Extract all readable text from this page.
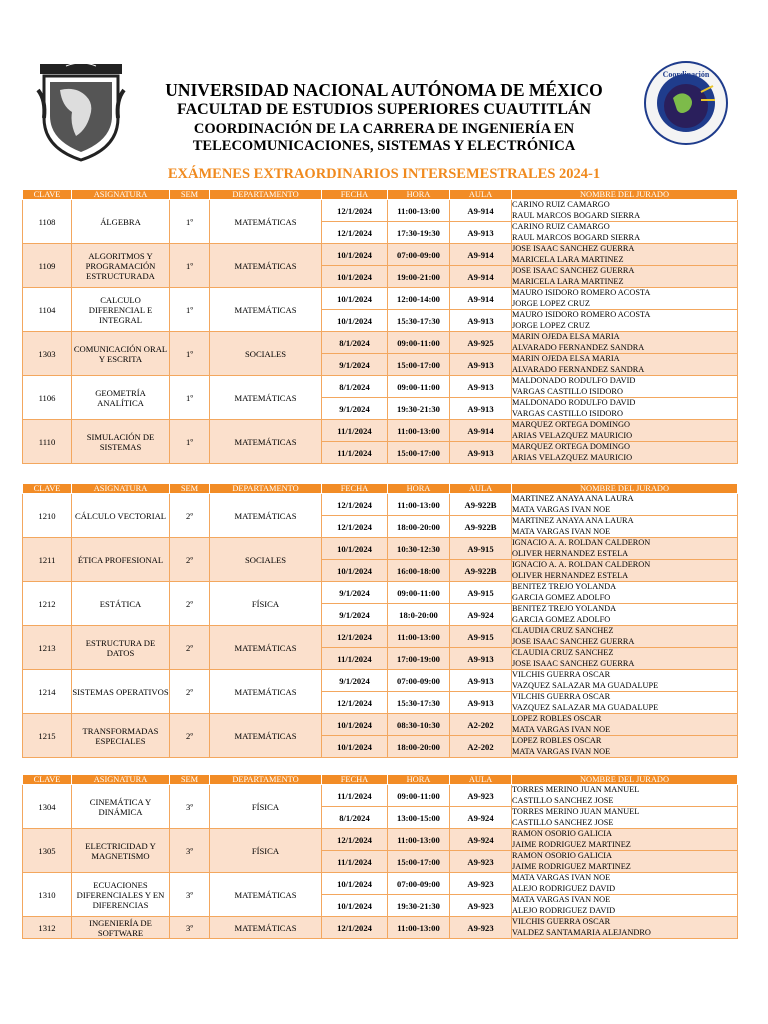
UNIVERSIDAD NACIONAL AUTÓNOMA DE MÉXICO
FACULTAD DE ESTUDIOS SUPERIORES CUAUTITLÁN
COORDINACIÓN DE LA CARRERA DE INGENIERÍA EN
TELECOMUNICACIONES, SISTEMAS Y ELECTRÓNICA
Coordinación
EXÁMENES EXTRAORDINARIOS INTERSEMESTRALES 2024-1
CLAVE	ASIGNATURA	SEM	DEPARTAMENTO	FECHA	HORA	AULA	NOMBRE DEL JURADO
1108	ÁLGEBRA	1º	MATEMÁTICAS	12/1/2024	11:00-13:00	A9-914	CARINO RUIZ CAMARGO
RAUL MARCOS BOGARD SIERRA

				12/1/2024	17:30-19:30	A9-913	CARINO RUIZ CAMARGO
RAUL MARCOS BOGARD SIERRA

1109	ALGORITMOS Y PROGRAMACIÓN ESTRUCTURADA	1º	MATEMÁTICAS	10/1/2024	07:00-09:00	A9-914	JOSE ISAAC SANCHEZ GUERRA
MARICELA LARA MARTINEZ

				10/1/2024	19:00-21:00	A9-914	JOSE ISAAC SANCHEZ GUERRA
MARICELA LARA MARTINEZ

1104	CALCULO DIFERENCIAL E INTEGRAL	1º	MATEMÁTICAS	10/1/2024	12:00-14:00	A9-914	MAURO ISIDORO ROMERO ACOSTA
JORGE LOPEZ CRUZ

				10/1/2024	15:30-17:30	A9-913	MAURO ISIDORO ROMERO ACOSTA
JORGE LOPEZ CRUZ

1303	COMUNICACIÓN ORAL Y ESCRITA	1º	SOCIALES	8/1/2024	09:00-11:00	A9-925	MARIN OJEDA ELSA MARIA
ALVARADO FERNANDEZ SANDRA

				9/1/2024	15:00-17:00	A9-913	MARIN OJEDA ELSA MARIA
ALVARADO FERNANDEZ SANDRA

1106	GEOMETRÍA ANALÍTICA	1º	MATEMÁTICAS	8/1/2024	09:00-11:00	A9-913	MALDONADO RODULFO DAVID
VARGAS CASTILLO ISIDORO

				9/1/2024	19:30-21:30	A9-913	MALDONADO RODULFO DAVID
VARGAS CASTILLO ISIDORO

1110	SIMULACIÓN DE SISTEMAS	1º	MATEMÁTICAS	11/1/2024	11:00-13:00	A9-914	MARQUEZ ORTEGA DOMINGO
ARIAS VELAZQUEZ MAURICIO

				11/1/2024	15:00-17:00	A9-913	MARQUEZ ORTEGA DOMINGO
ARIAS VELAZQUEZ MAURICIO
CLAVE	ASIGNATURA	SEM	DEPARTAMENTO	FECHA	HORA	AULA	NOMBRE DEL JURADO
1210	CÁLCULO VECTORIAL	2º	MATEMÁTICAS	12/1/2024	11:00-13:00	A9-922B	MARTINEZ ANAYA ANA LAURA
MATA VARGAS IVAN NOE

				12/1/2024	18:00-20:00	A9-922B	MARTINEZ ANAYA ANA LAURA
MATA VARGAS IVAN NOE

1211	ÉTICA PROFESIONAL	2º	SOCIALES	10/1/2024	10:30-12:30	A9-915	IGNACIO A. A. ROLDAN CALDERON
OLIVER HERNANDEZ ESTELA

				10/1/2024	16:00-18:00	A9-922B	IGNACIO A. A. ROLDAN CALDERON
OLIVER HERNANDEZ ESTELA

1212	ESTÁTICA	2º	FÍSICA	9/1/2024	09:00-11:00	A9-915	BENITEZ TREJO YOLANDA
GARCIA GOMEZ ADOLFO

				9/1/2024	18:0-20:00	A9-924	BENITEZ TREJO YOLANDA
GARCIA GOMEZ ADOLFO

1213	ESTRUCTURA DE DATOS	2º	MATEMÁTICAS	12/1/2024	11:00-13:00	A9-915	CLAUDIA CRUZ SANCHEZ
JOSE ISAAC SANCHEZ GUERRA

				11/1/2024	17:00-19:00	A9-913	CLAUDIA CRUZ SANCHEZ
JOSE ISAAC SANCHEZ GUERRA

1214	SISTEMAS OPERATIVOS	2º	MATEMÁTICAS	9/1/2024	07:00-09:00	A9-913	VILCHIS GUERRA OSCAR
VAZQUEZ SALAZAR MA GUADALUPE

				12/1/2024	15:30-17:30	A9-913	VILCHIS GUERRA OSCAR
VAZQUEZ SALAZAR MA GUADALUPE

1215	TRANSFORMADAS ESPECIALES	2º	MATEMÁTICAS	10/1/2024	08:30-10:30	A2-202	LOPEZ ROBLES OSCAR
MATA VARGAS IVAN NOE

				10/1/2024	18:00-20:00	A2-202	LOPEZ ROBLES OSCAR
MATA VARGAS IVAN NOE
CLAVE	ASIGNATURA	SEM	DEPARTAMENTO	FECHA	HORA	AULA	NOMBRE DEL JURADO
1304	CINEMÁTICA Y DINÁMICA	3º	FÍSICA	11/1/2024	09:00-11:00	A9-923	TORRES MERINO JUAN MANUEL
CASTILLO SANCHEZ JOSE

				8/1/2024	13:00-15:00	A9-924	TORRES MERINO JUAN MANUEL
CASTILLO SANCHEZ JOSE

1305	ELECTRICIDAD Y MAGNETISMO	3º	FÍSICA	12/1/2024	11:00-13:00	A9-924	RAMON OSORIO GALICIA
JAIME RODRIGUEZ MARTINEZ

				11/1/2024	15:00-17:00	A9-923	RAMON OSORIO GALICIA
JAIME RODRIGUEZ MARTINEZ

1310	ECUACIONES DIFERENCIALES Y EN DIFERENCIAS	3º	MATEMÁTICAS	10/1/2024	07:00-09:00	A9-923	MATA VARGAS IVAN NOE
ALEJO RODRIGUEZ DAVID

				10/1/2024	19:30-21:30	A9-923	MATA VARGAS IVAN NOE
ALEJO RODRIGUEZ DAVID

1312	INGENIERÍA DE SOFTWARE	3º	MATEMÁTICAS	12/1/2024	11:00-13:00	A9-923	VILCHIS GUERRA OSCAR
VALDEZ SANTAMARIA ALEJANDRO
